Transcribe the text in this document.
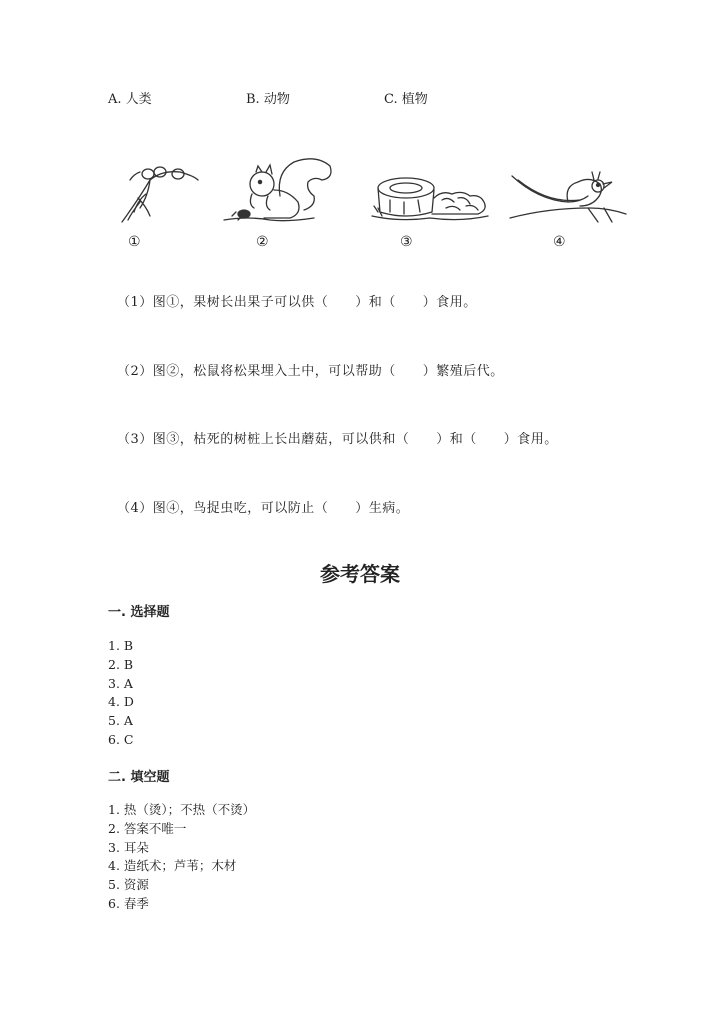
A. 人类	B. 动物	C. 植物
①	②	③	④
（1）图①，果树长出果子可以供（　　）和（　　）食用。
（2）图②，松鼠将松果埋入土中，可以帮助（　　）繁殖后代。
（3）图③，枯死的树桩上长出蘑菇，可以供和（　　）和（　　）食用。
（4）图④，鸟捉虫吃，可以防止（　　）生病。
参考答案
一. 选择题
1. B
2. B
3. A
4. D
5. A
6. C
二. 填空题
1. 热（烫）；不热（不烫）
2. 答案不唯一
3. 耳朵
4. 造纸术；芦苇；木材
5. 资源
6. 春季
